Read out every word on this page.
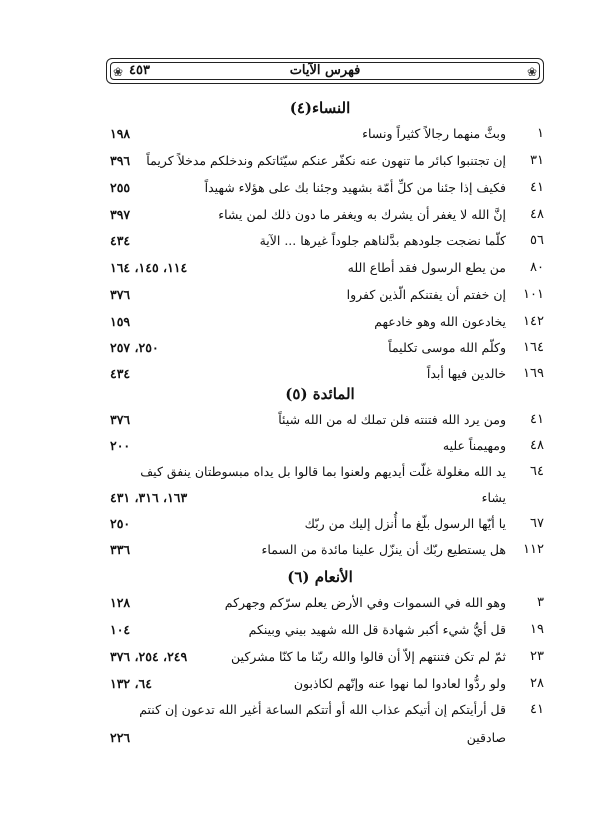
❀	❀
فهرس الآيات
٤٥٣
النساء(٤)
١
وبثَّ منهما رجالاً كثيراً ونساء
١٩٨
٣١
إن تجتنبوا كبائر ما تنهون عنه نكفّر عنكم سيّئاتكم وندخلكم مدخلاً كريماً
٣٩٦
٤١
فكيف إذا جئنا من كلِّ أمّة بشهيد وجئنا بك على هؤلاء شهيداً
٢٥٥
٤٨
إنَّ الله لا يغفر أن يشرك به ويغفر ما دون ذلك لمن يشاء
٣٩٧
٥٦
كلّما نضجت جلودهم بدَّلناهم جلوداً غيرها ... الآية
٤٣٤
٨٠
من يطع الرسول فقد أطاع الله
١١٤، ١٤٥، ١٦٤
١٠١
إن خفتم أن يفتنكم الّذين كفروا
٣٧٦
١٤٢
يخادعون الله وهو خادعهم
١٥٩
١٦٤
وكلّم الله موسى تكليماً
٢٥٠، ٢٥٧
١٦٩
خالدين فيها أبداً
٤٣٤
المائدة (٥)
٤١
ومن يرد الله فتنته فلن تملك له من الله شيئاً
٣٧٦
٤٨
ومهيمناً عليه
٢٠٠
٦٤
يد الله مغلولة غلّت أيديهم ولعنوا بما قالوا بل يداه مبسوطتان ينفق كيف
يشاء
١٦٣، ٣١٦، ٤٣١
٦٧
يا أيّها الرسول بلّغ ما أُنزل إليك من ربّك
٢٥٠
١١٢
هل يستطيع ربّك أن ينزّل علينا مائدة من السماء
٣٣٦
الأنعام (٦)
٣
وهو الله في السموات وفي الأرض يعلم سرّكم وجهركم
١٢٨
١٩
قل أيُّ شيء أكبر شهادة قل الله شهيد بيني وبينكم
١٠٤
٢٣
ثمّ لم تكن فتنتهم إلاّ أن قالوا والله ربّنا ما كنّا مشركين
٢٤٩، ٢٥٤، ٣٧٦
٢٨
ولو ردُّوا لعادوا لما نهوا عنه وإنّهم لكاذبون
٦٤، ١٣٢
٤١
قل أرأيتكم إن أتيكم عذاب الله أو أتتكم الساعة أغير الله تدعون إن كنتم
صادقين
٢٢٦
